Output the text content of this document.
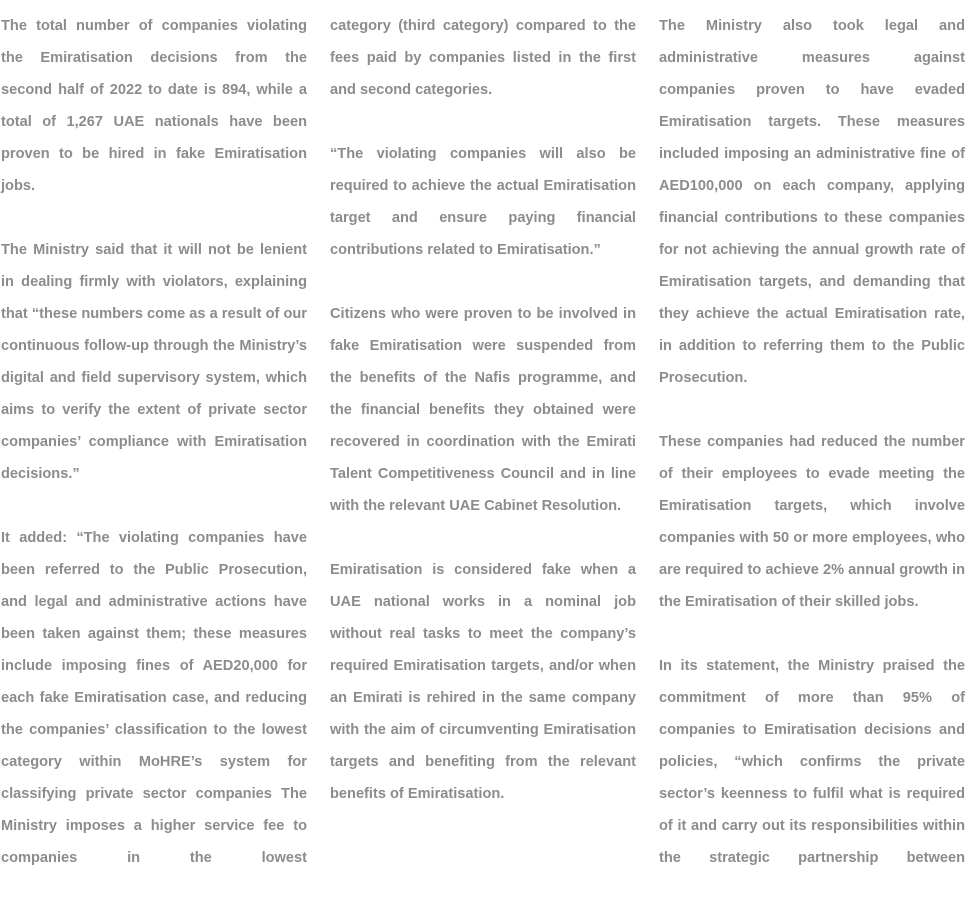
The total number of companies violating the Emiratisation decisions from the second half of 2022 to date is 894, while a total of 1,267 UAE nationals have been proven to be hired in fake Emiratisation jobs.

The Ministry said that it will not be lenient in dealing firmly with violators, explaining that “these numbers come as a result of our continuous follow-up through the Ministry’s digital and field supervisory system, which aims to verify the extent of private sector companies’ compliance with Emiratisation decisions.”

It added: “The violating companies have been referred to the Public Prosecution, and legal and administrative actions have been taken against them; these measures include imposing fines of AED20,000 for each fake Emiratisation case, and reducing the companies’ classification to the lowest category within MoHRE’s system for classifying private sector companies The Ministry imposes a higher service fee to companies in the lowest

category (third category) compared to the fees paid by companies listed in the first and second categories.

“The violating companies will also be required to achieve the actual Emiratisation target and ensure paying financial contributions related to Emiratisation.”

Citizens who were proven to be involved in fake Emiratisation were suspended from the benefits of the Nafis programme, and the financial benefits they obtained were recovered in coordination with the Emirati Talent Competitiveness Council and in line with the relevant UAE Cabinet Resolution.

Emiratisation is considered fake when a UAE national works in a nominal job without real tasks to meet the company’s required Emiratisation targets, and/or when an Emirati is rehired in the same company with the aim of circumventing Emiratisation targets and benefiting from the relevant benefits of Emiratisation.

The Ministry also took legal and administrative measures against companies proven to have evaded Emiratisation targets. These measures included imposing an administrative fine of AED100,000 on each company, applying financial contributions to these companies for not achieving the annual growth rate of Emiratisation targets, and demanding that they achieve the actual Emiratisation rate, in addition to referring them to the Public Prosecution.

These companies had reduced the number of their employees to evade meeting the Emiratisation targets, which involve companies with 50 or more employees, who are required to achieve 2% annual growth in the Emiratisation of their skilled jobs.

In its statement, the Ministry praised the commitment of more than 95% of companies to Emiratisation decisions and policies, “which confirms the private sector’s keenness to fulfil what is required of it and carry out its responsibilities within the strategic partnership between
